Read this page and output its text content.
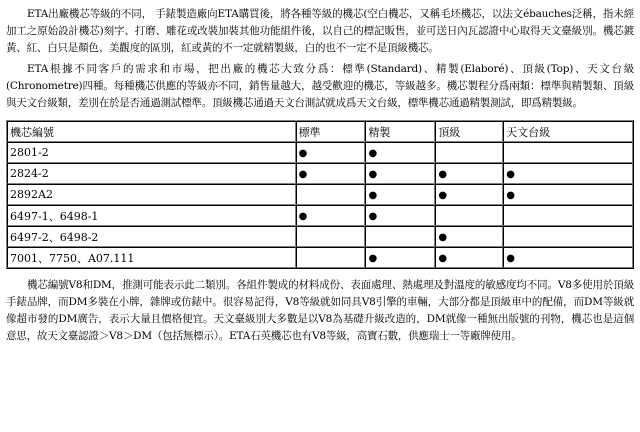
ETA出廠機芯等級的不同， 手錶製造廠向ETA購買後，將各種等級的機芯(空白機芯，又稱毛坯機芯，以法文ébauches泛稱，指未經加工之原始設計機芯)刻字、打磨、雕花或改裝加裝其他功能組件後，以自己的標記販售，並可送日內瓦認證中心取得天文臺級別。機芯鍍黃、紅、白只是顏色、美觀度的區別，紅或黃的不一定就精製級，白的也不一定不是頂級機芯。

ETA根據不同客戶的需求和市場，把出廠的機芯大致分爲：標準(Standard)、精製(Elaboré)、頂級(Top)、天文台級(Chronometre)四種。每種機芯供應的等級亦不同，銷售量越大，越受歡迎的機芯，等級越多。機芯製程分爲兩類：標準與精製類、頂級與天文台級類，差別在於是否通過測試標準。頂級機芯通過天文台測試就成爲天文台級，標準機芯通過精製測試，即爲精製級。

機芯編號	標準	精製	頂級	天文台級
2801-2	●	●		
2824-2	●	●	●	●
2892A2		●	●	●
6497-1、6498-1	●	●		
6497-2、6498-2			●	
7001、7750、A07.111		●	●	●

機芯編號V8和DM，推測可能表示此二類別。各組件製成的材料成份、表面處理、熱處理及對溫度的敏感度均不同。V8多使用於頂級手錶品牌，而DM多裝在小牌，雜牌或仿錶中。很容易記得，V8等級就如同具V8引擎的車輛，大部分都是頂級車中的配備，而DM等級就像超市發的DM廣告，表示大量且價格便宜。天文臺級別大多數是以V8為基礎升級改造的，DM就像一種無出版號的刊物，機芯也是這個意思，故天文臺認證＞V8＞DM（包括無標示）。ETA石英機芯也有V8等級，高寶石數，供應瑞士一等廠牌使用。
